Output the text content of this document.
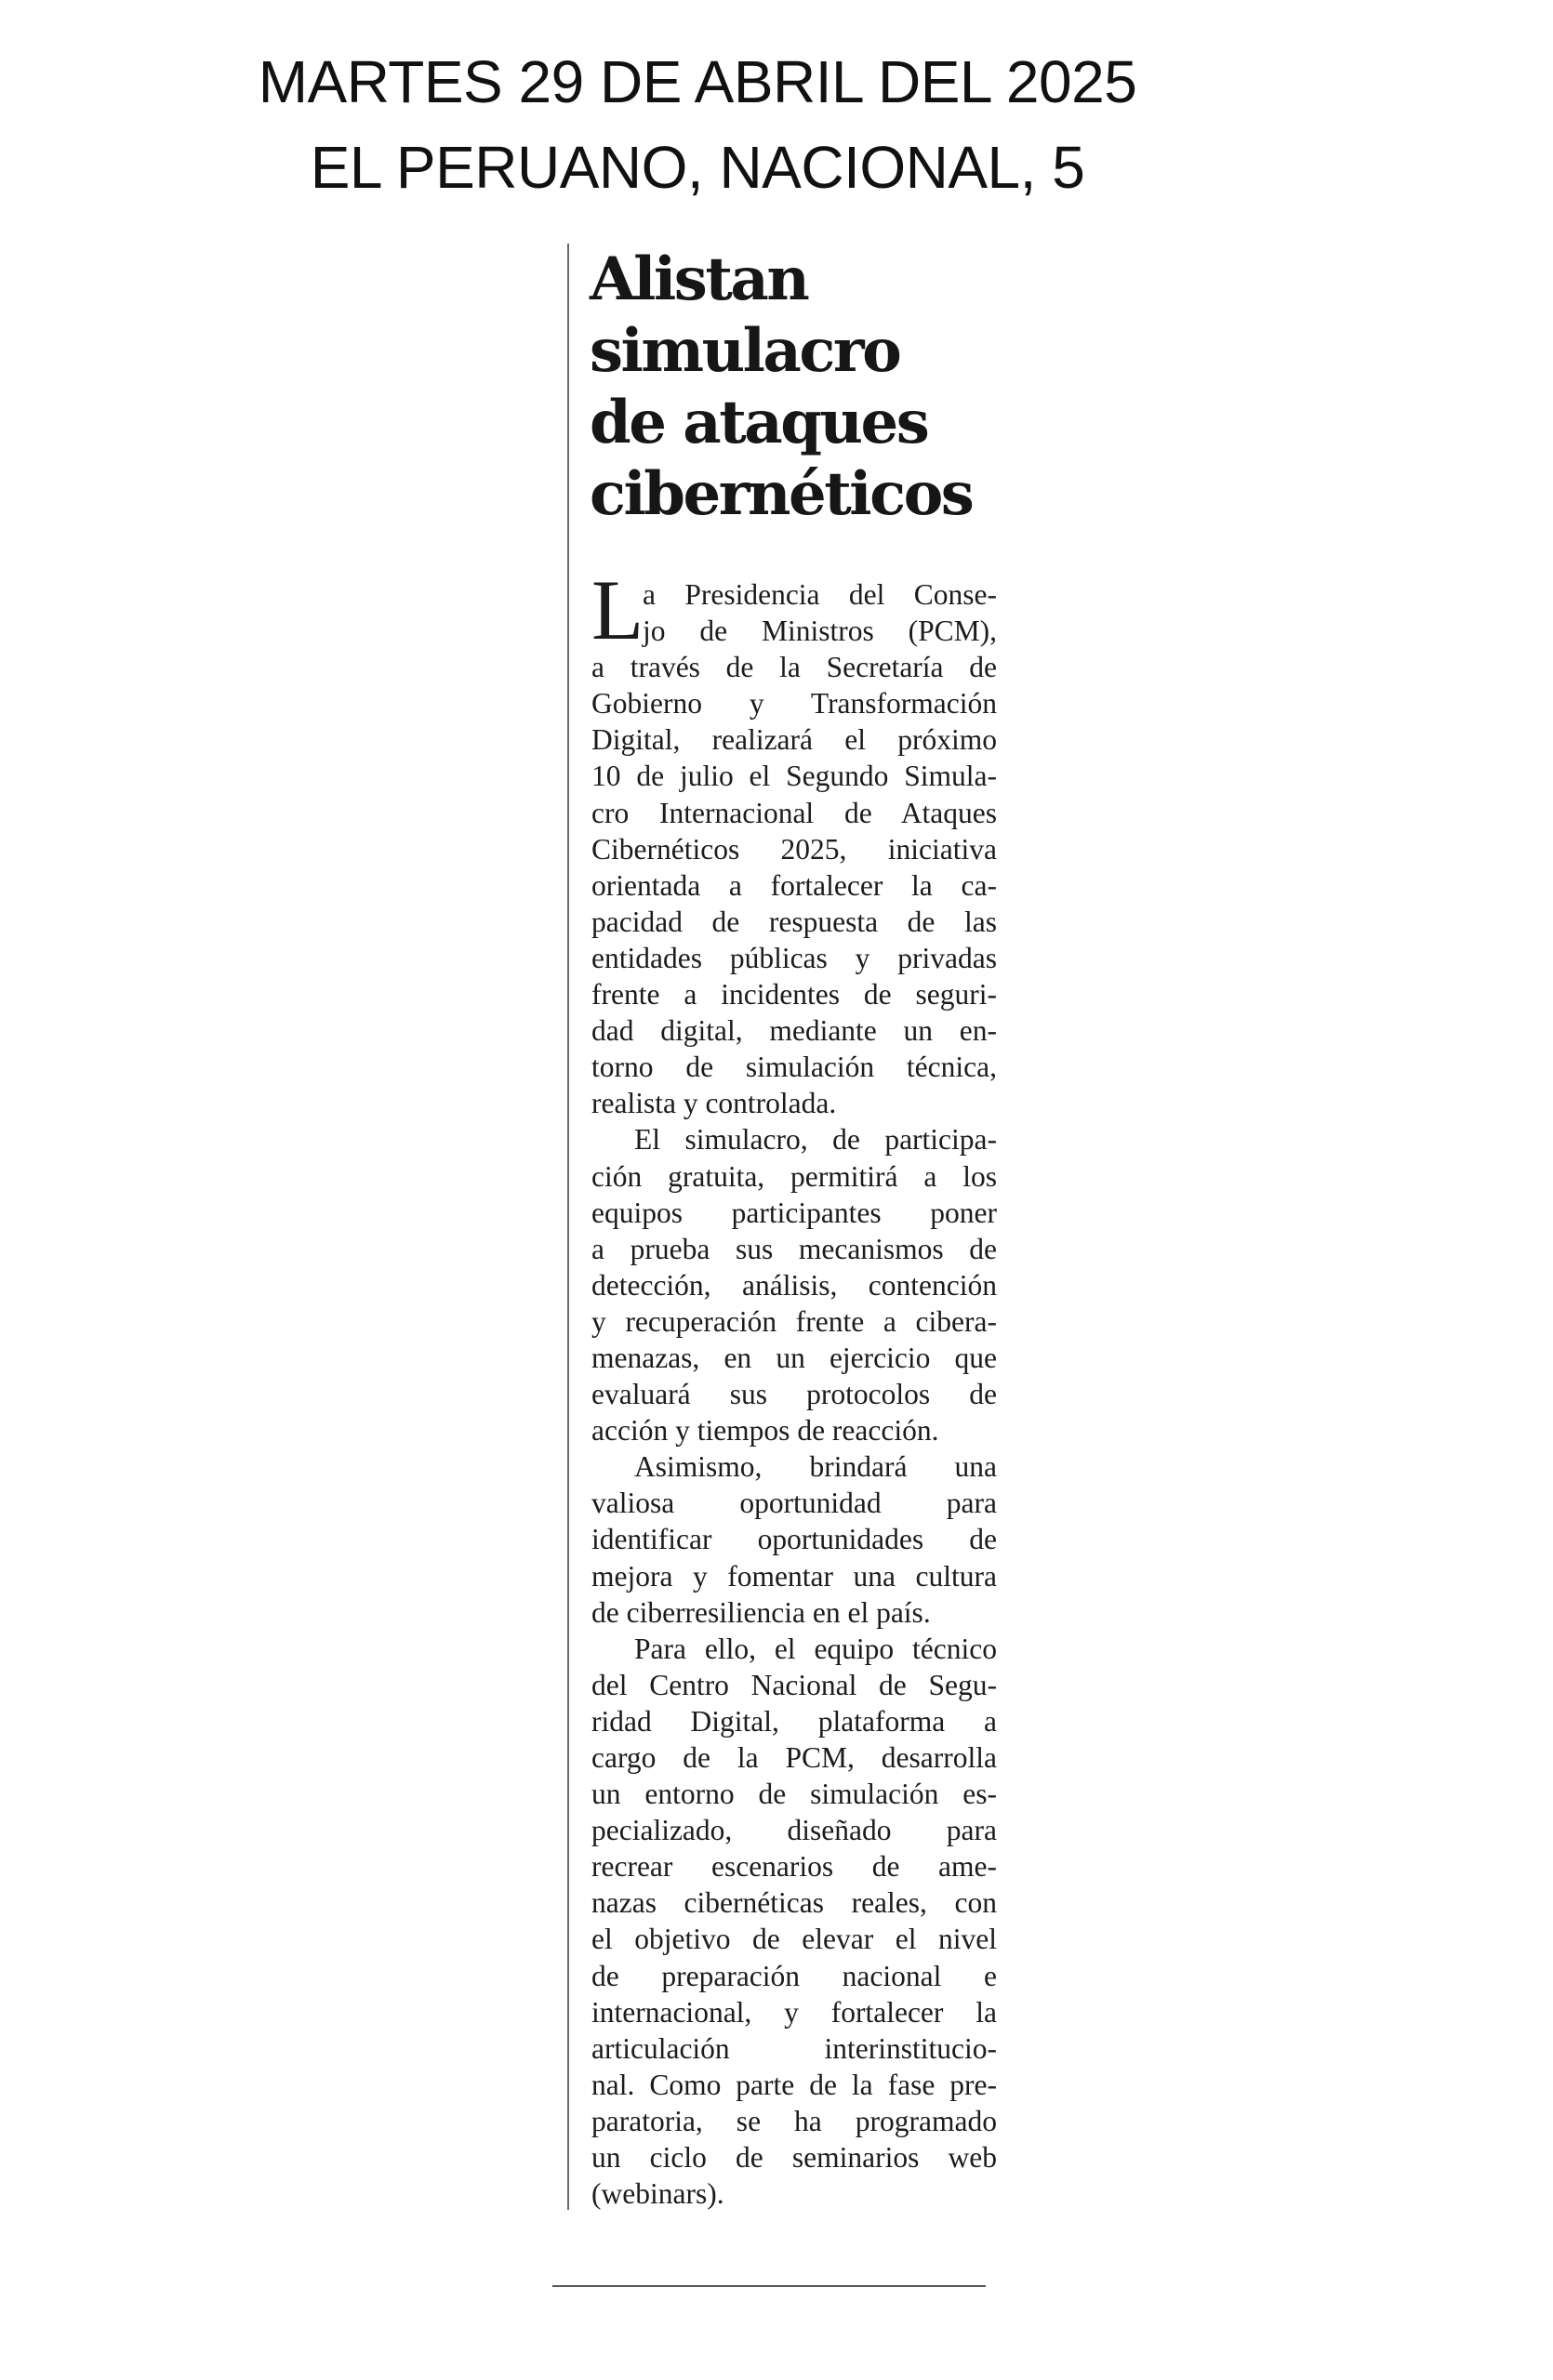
MARTES 29 DE ABRIL DEL 2025
EL PERUANO, NACIONAL, 5
Alistan
simulacro
de ataques
cibernéticos
L
a Presidencia del Conse-
jo de Ministros (PCM),
a través de la Secretaría de
Gobierno y Transformación
Digital, realizará el próximo
10 de julio el Segundo Simula-
cro Internacional de Ataques
Cibernéticos 2025, iniciativa
orientada a fortalecer la ca-
pacidad de respuesta de las
entidades públicas y privadas
frente a incidentes de seguri-
dad digital, mediante un en-
torno de simulación técnica,
realista y controlada.
El simulacro, de participa-
ción gratuita, permitirá a los
equipos participantes poner
a prueba sus mecanismos de
detección, análisis, contención
y recuperación frente a cibera-
menazas, en un ejercicio que
evaluará sus protocolos de
acción y tiempos de reacción.
Asimismo, brindará una
valiosa oportunidad para
identificar oportunidades de
mejora y fomentar una cultura
de ciberresiliencia en el país.
Para ello, el equipo técnico
del Centro Nacional de Segu-
ridad Digital, plataforma a
cargo de la PCM, desarrolla
un entorno de simulación es-
pecializado, diseñado para
recrear escenarios de ame-
nazas cibernéticas reales, con
el objetivo de elevar el nivel
de preparación nacional e
internacional, y fortalecer la
articulación interinstitucio-
nal. Como parte de la fase pre-
paratoria, se ha programado
un ciclo de seminarios web
(webinars).
